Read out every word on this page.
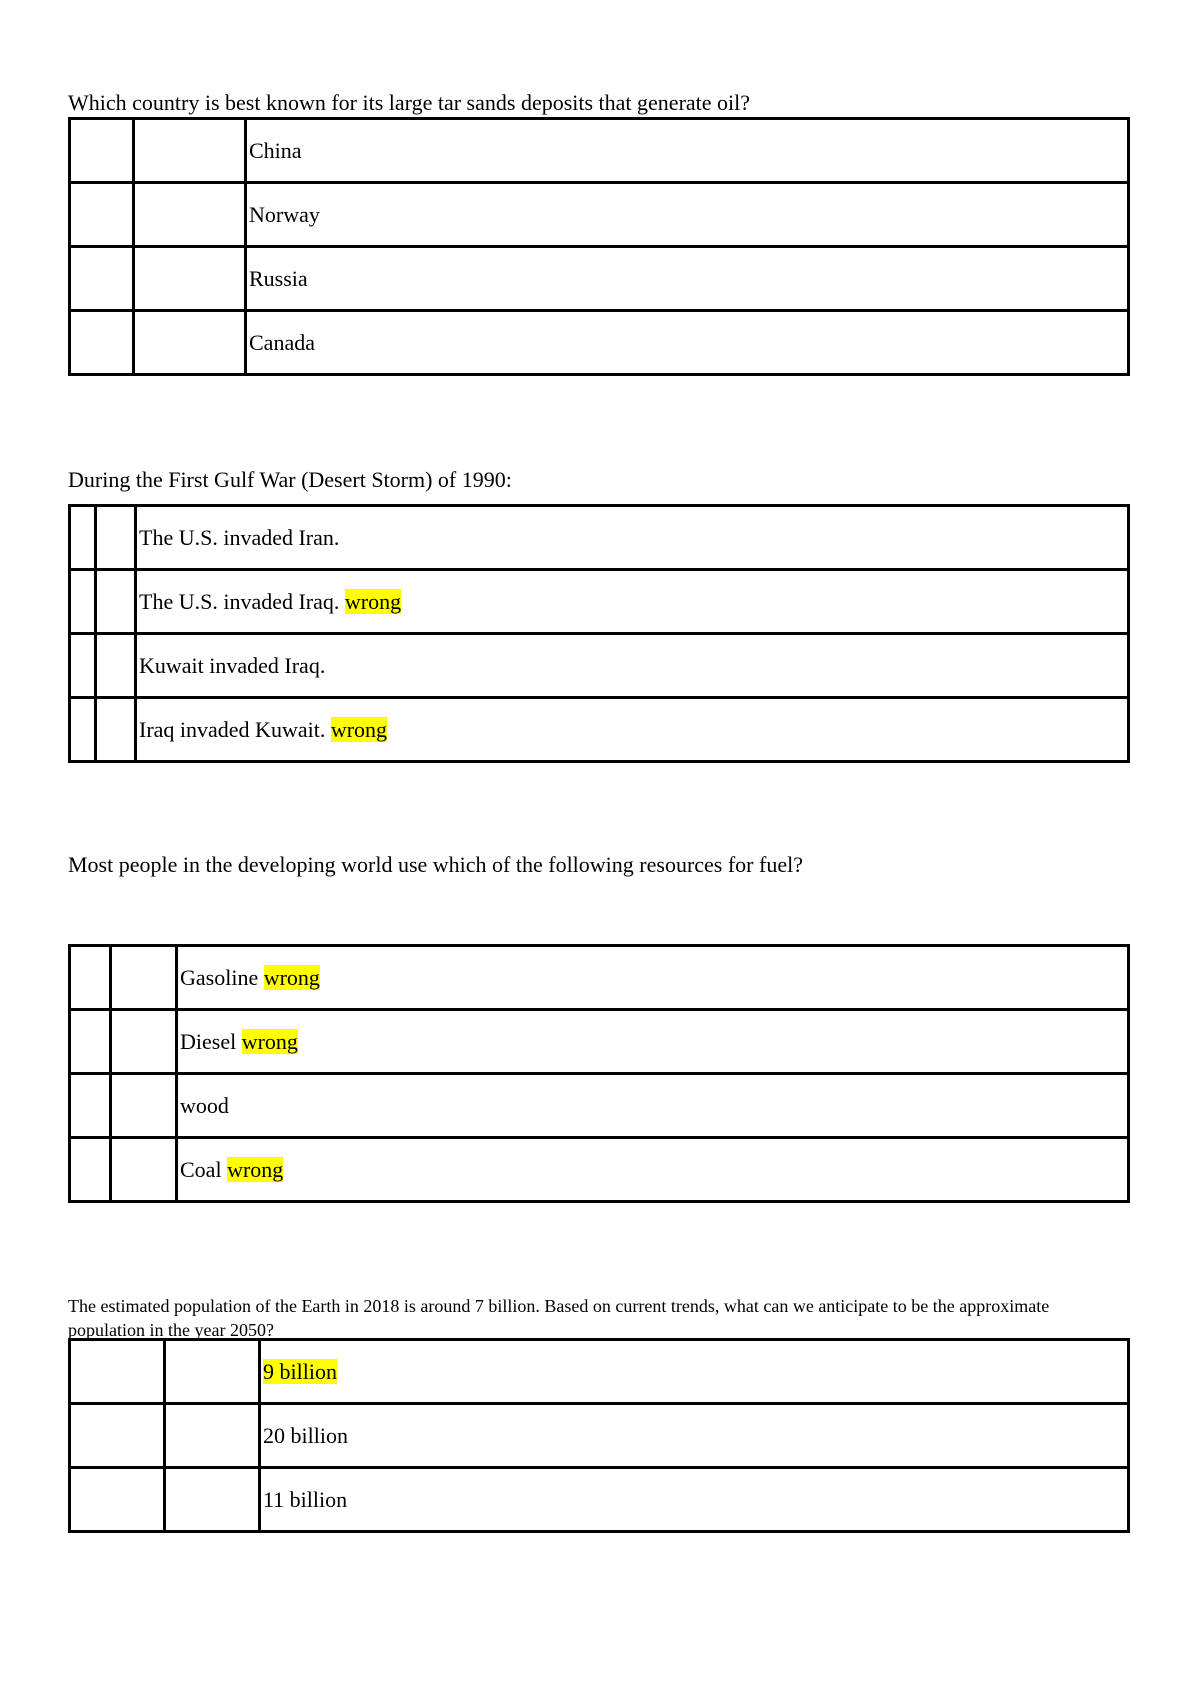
Which country is best known for its large tar sands deposits that generate oil?
		China
		Norway
		Russia
		Canada
During the First Gulf War (Desert Storm) of 1990:
		The U.S. invaded Iran.
		The U.S. invaded Iraq. wrong
		Kuwait invaded Iraq.
		Iraq invaded Kuwait. wrong
Most people in the developing world use which of the following resources for fuel?
		Gasoline wrong
		Diesel wrong
		wood
		Coal wrong
The estimated population of the Earth in 2018 is around 7 billion. Based on current trends, what can we anticipate to be the approximate population in the year 2050?
		9 billion
		20 billion
		11 billion
